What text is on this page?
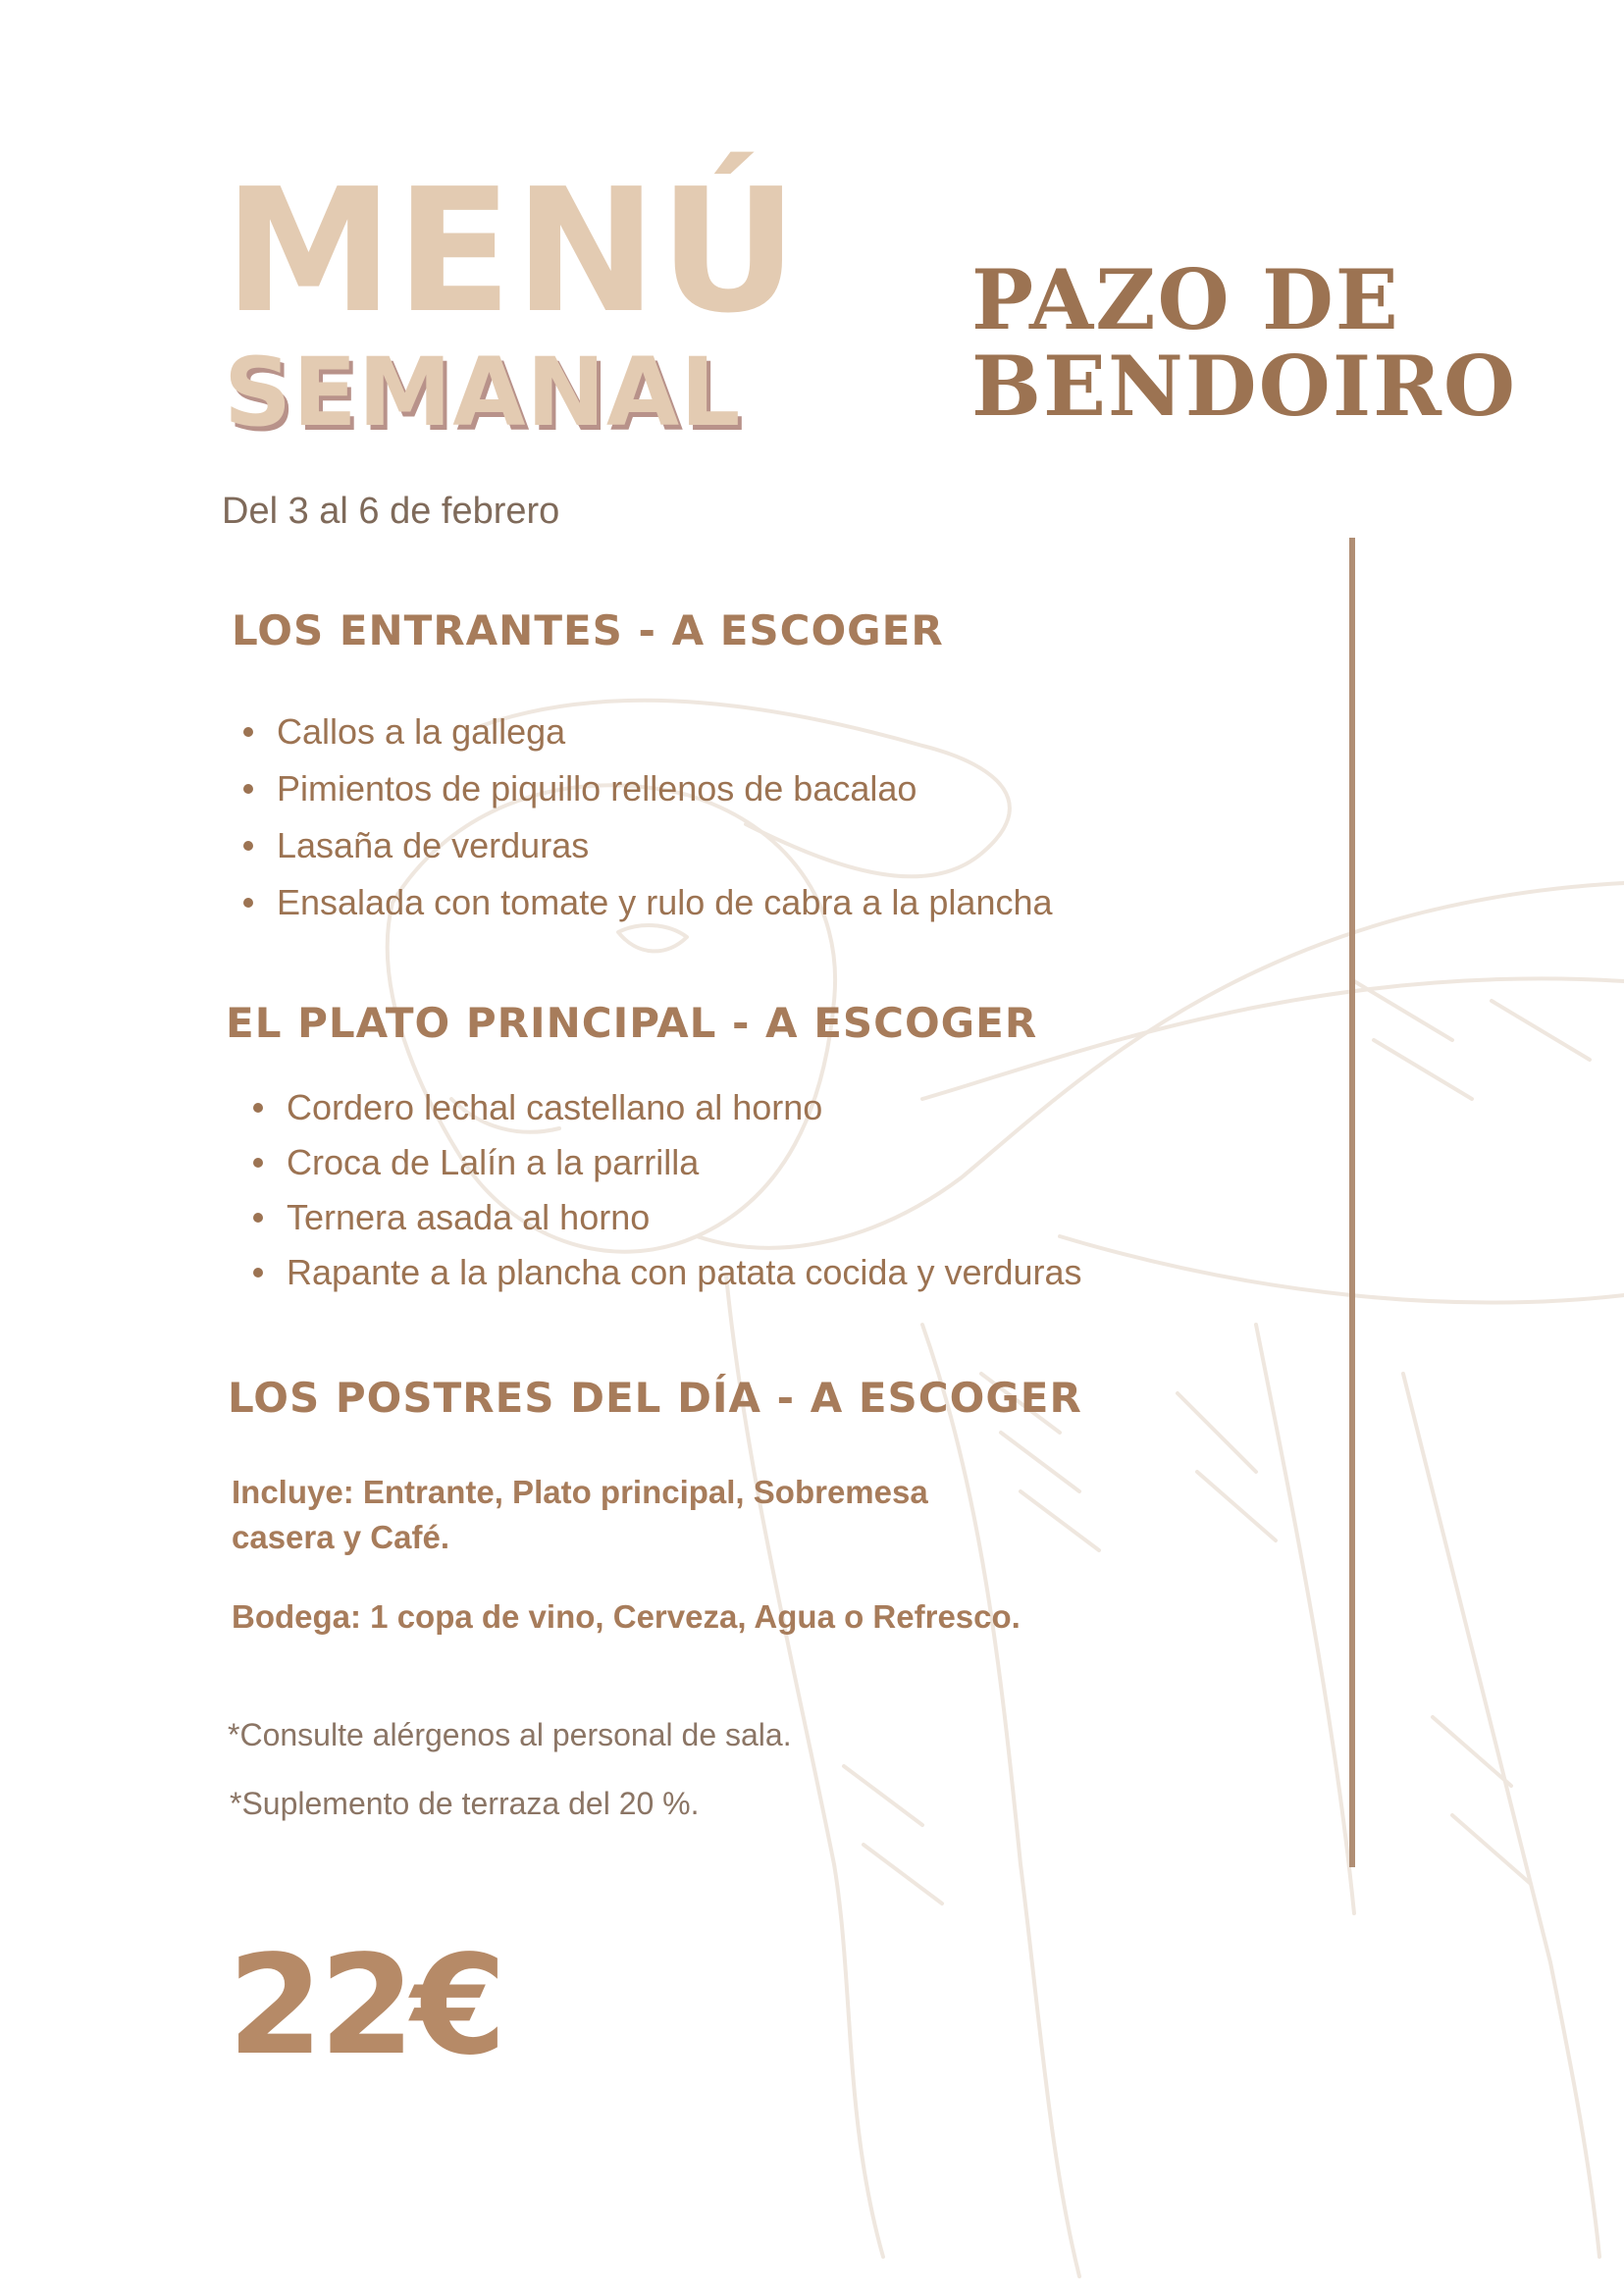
MENÚ
SEMANAL
PAZO DE
BENDOIRO

Del 3 al 6 de febrero

LOS ENTRANTES - A ESCOGER
Callos a la gallega
Pimientos de piquillo rellenos de bacalao
Lasaña de verduras
Ensalada con tomate y rulo de cabra a la plancha
EL PLATO PRINCIPAL - A ESCOGER
Cordero lechal castellano al horno
Croca de Lalín a la parrilla
Ternera asada al horno
Rapante a la plancha con patata cocida y verduras
LOS POSTRES DEL DÍA - A ESCOGER

Incluye: Entrante, Plato principal, Sobremesa
casera y Café.

Bodega: 1 copa de vino, Cerveza, Agua o Refresco.

*Consulte alérgenos al personal de sala.

*Suplemento de terraza del 20 %.

22€
